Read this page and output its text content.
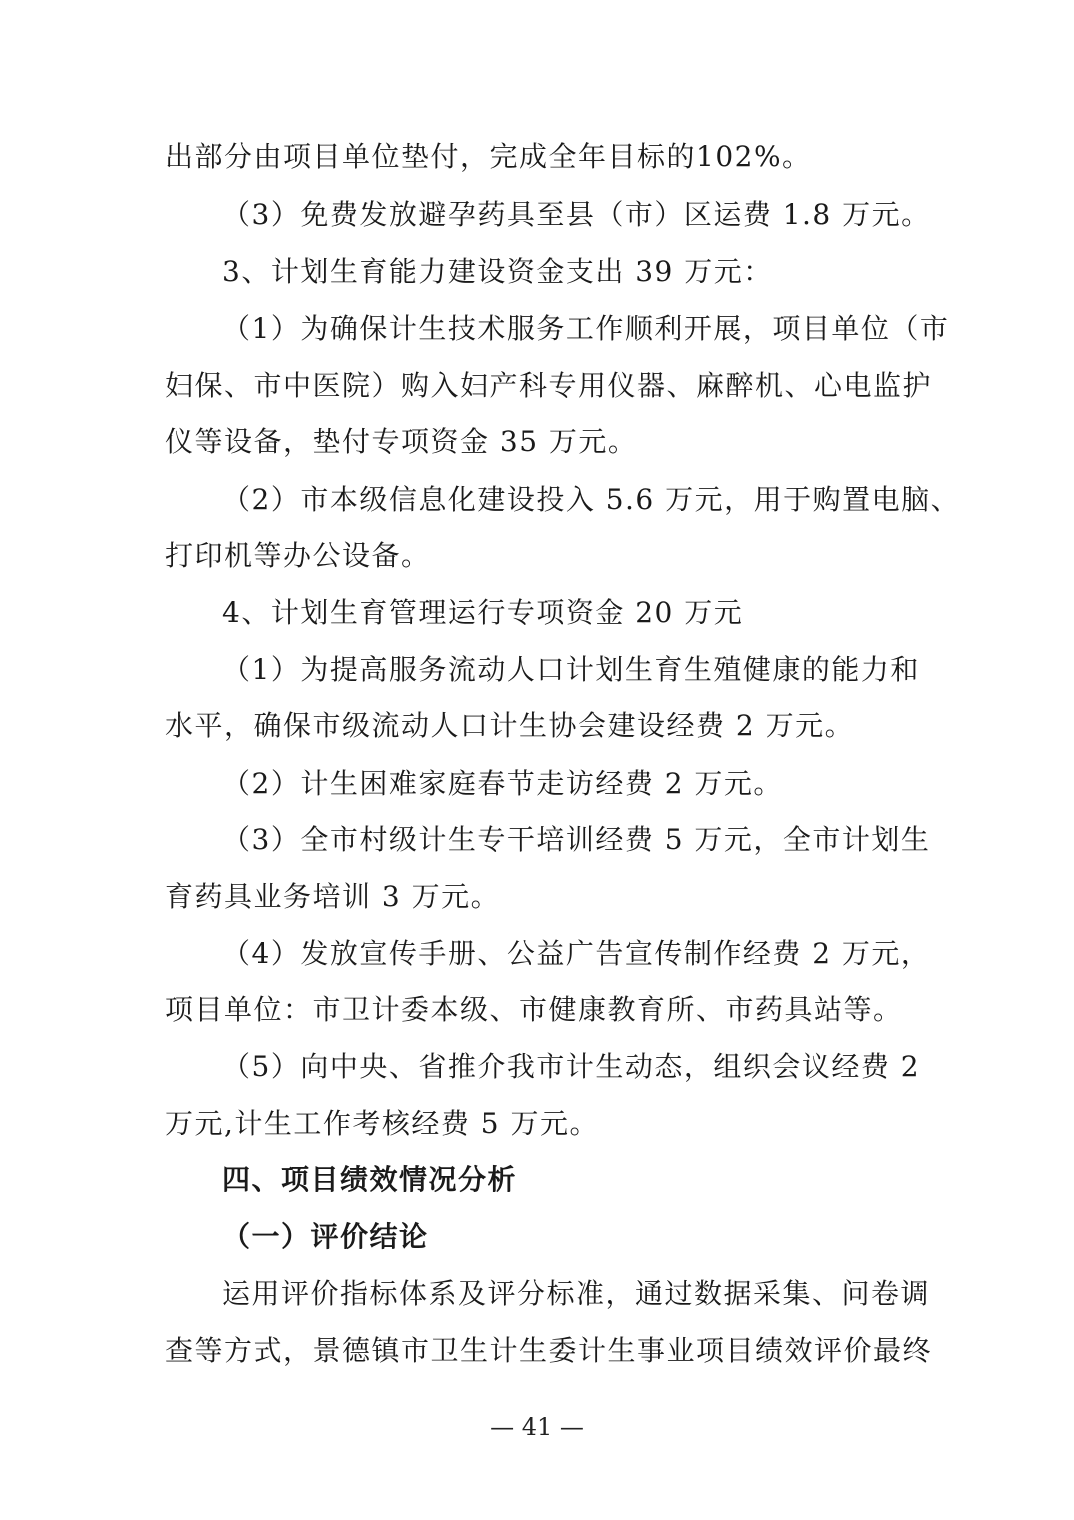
出部分由项目单位垫付，完成全年目标的102%。
（3）免费发放避孕药具至县（市）区运费 1.8 万元。
3、计划生育能力建设资金支出 39 万元：
（1）为确保计生技术服务工作顺利开展，项目单位（市
妇保、市中医院）购入妇产科专用仪器、麻醉机、心电监护
仪等设备，垫付专项资金 35 万元。
（2）市本级信息化建设投入 5.6 万元，用于购置电脑、
打印机等办公设备。
4、计划生育管理运行专项资金 20 万元
（1）为提高服务流动人口计划生育生殖健康的能力和
水平，确保市级流动人口计生协会建设经费 2 万元。
（2）计生困难家庭春节走访经费 2 万元。
（3）全市村级计生专干培训经费 5 万元，全市计划生
育药具业务培训 3 万元。
（4）发放宣传手册、公益广告宣传制作经费 2 万元，
项目单位：市卫计委本级、市健康教育所、市药具站等。
（5）向中央、省推介我市计生动态，组织会议经费 2
万元,计生工作考核经费 5 万元。
四、项目绩效情况分析
（一）评价结论
运用评价指标体系及评分标准，通过数据采集、问卷调
查等方式，景德镇市卫生计生委计生事业项目绩效评价最终
— 41 —
